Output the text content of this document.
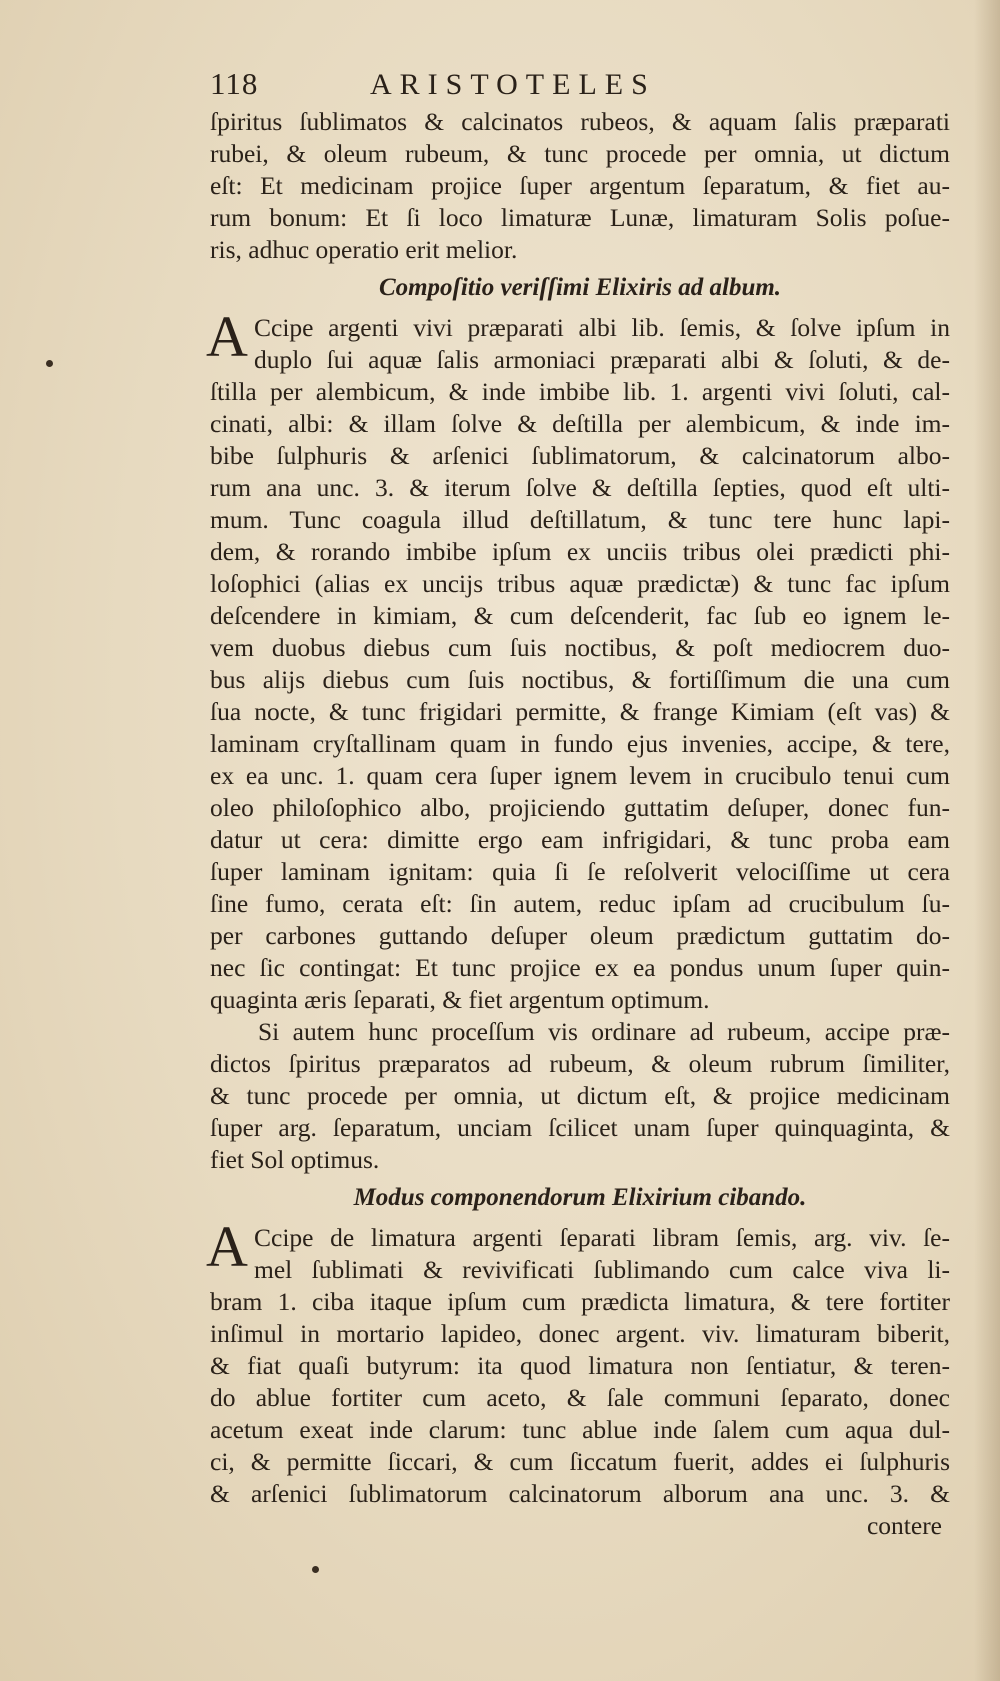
118	ARISTOTELES
ſpiritus ſublimatos & calcinatos rubeos, & aquam ſalis præparati
rubei, & oleum rubeum, & tunc procede per omnia, ut dictum
eſt: Et medicinam projice ſuper argentum ſeparatum, & fiet au-
rum bonum: Et ſi loco limaturæ Lunæ, limaturam Solis poſue-
ris, adhuc operatio erit melior.
Compoſitio veriſſimi Elixiris ad album.
A Ccipe argenti vivi præparati albi lib. ſemis, & ſolve ipſum in
duplo ſui aquæ ſalis armoniaci præparati albi & ſoluti, & de-
ſtilla per alembicum, & inde imbibe lib. 1. argenti vivi ſoluti, cal-
cinati, albi: & illam ſolve & deſtilla per alembicum, & inde im-
bibe ſulphuris & arſenici ſublimatorum, & calcinatorum albo-
rum ana unc. 3. & iterum ſolve & deſtilla ſepties, quod eſt ulti-
mum. Tunc coagula illud deſtillatum, & tunc tere hunc lapi-
dem, & rorando imbibe ipſum ex unciis tribus olei prædicti phi-
loſophici (alias ex uncijs tribus aquæ prædictæ) & tunc fac ipſum
deſcendere in kimiam, & cum deſcenderit, fac ſub eo ignem le-
vem duobus diebus cum ſuis noctibus, & poſt mediocrem duo-
bus alijs diebus cum ſuis noctibus, & fortiſſimum die una cum
ſua nocte, & tunc frigidari permitte, & frange Kimiam (eſt vas) &
laminam cryſtallinam quam in fundo ejus invenies, accipe, & tere,
ex ea unc. 1. quam cera ſuper ignem levem in crucibulo tenui cum
oleo philoſophico albo, projiciendo guttatim deſuper, donec fun-
datur ut cera: dimitte ergo eam infrigidari, & tunc proba eam
ſuper laminam ignitam: quia ſi ſe reſolverit velociſſime ut cera
ſine fumo, cerata eſt: ſin autem, reduc ipſam ad crucibulum ſu-
per carbones guttando deſuper oleum prædictum guttatim do-
nec ſic contingat: Et tunc projice ex ea pondus unum ſuper quin-
quaginta æris ſeparati, & fiet argentum optimum.
Si autem hunc proceſſum vis ordinare ad rubeum, accipe præ-
dictos ſpiritus præparatos ad rubeum, & oleum rubrum ſimiliter,
& tunc procede per omnia, ut dictum eſt, & projice medicinam
ſuper arg. ſeparatum, unciam ſcilicet unam ſuper quinquaginta, &
fiet Sol optimus.
Modus componendorum Elixirium cibando.
A Ccipe de limatura argenti ſeparati libram ſemis, arg. viv. ſe-
mel ſublimati & revivificati ſublimando cum calce viva li-
bram 1. ciba itaque ipſum cum prædicta limatura, & tere fortiter
inſimul in mortario lapideo, donec argent. viv. limaturam biberit,
& fiat quaſi butyrum: ita quod limatura non ſentiatur, & teren-
do ablue fortiter cum aceto, & ſale communi ſeparato, donec
acetum exeat inde clarum: tunc ablue inde ſalem cum aqua dul-
ci, & permitte ſiccari, & cum ſiccatum fuerit, addes ei ſulphuris
& arſenici ſublimatorum calcinatorum alborum ana unc. 3. &
contere
